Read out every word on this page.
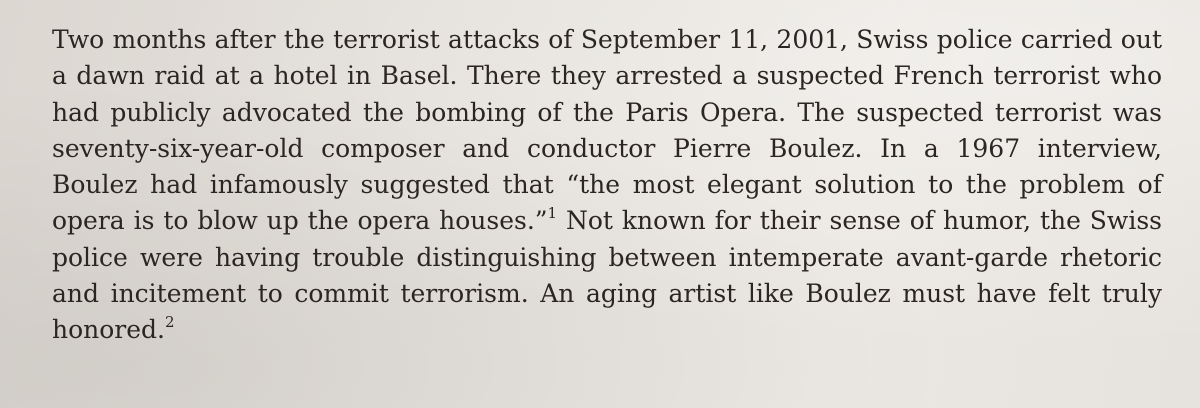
Two months after the terrorist attacks of September 11, 2001, Swiss police carried out
a dawn raid at a hotel in Basel. There they arrested a suspected French terrorist who
had publicly advocated the bombing of the Paris Opera. The suspected terrorist was
seventy-six-year-old composer and conductor Pierre Boulez. In a 1967 interview,
Boulez had infamously suggested that “the most elegant solution to the problem of
opera is to blow up the opera houses.”$^1$ Not known for their sense of humor, the Swiss
police were having trouble distinguishing between intemperate avant-garde rhetoric
and incitement to commit terrorism. An aging artist like Boulez must have felt truly
honored.$^2$
